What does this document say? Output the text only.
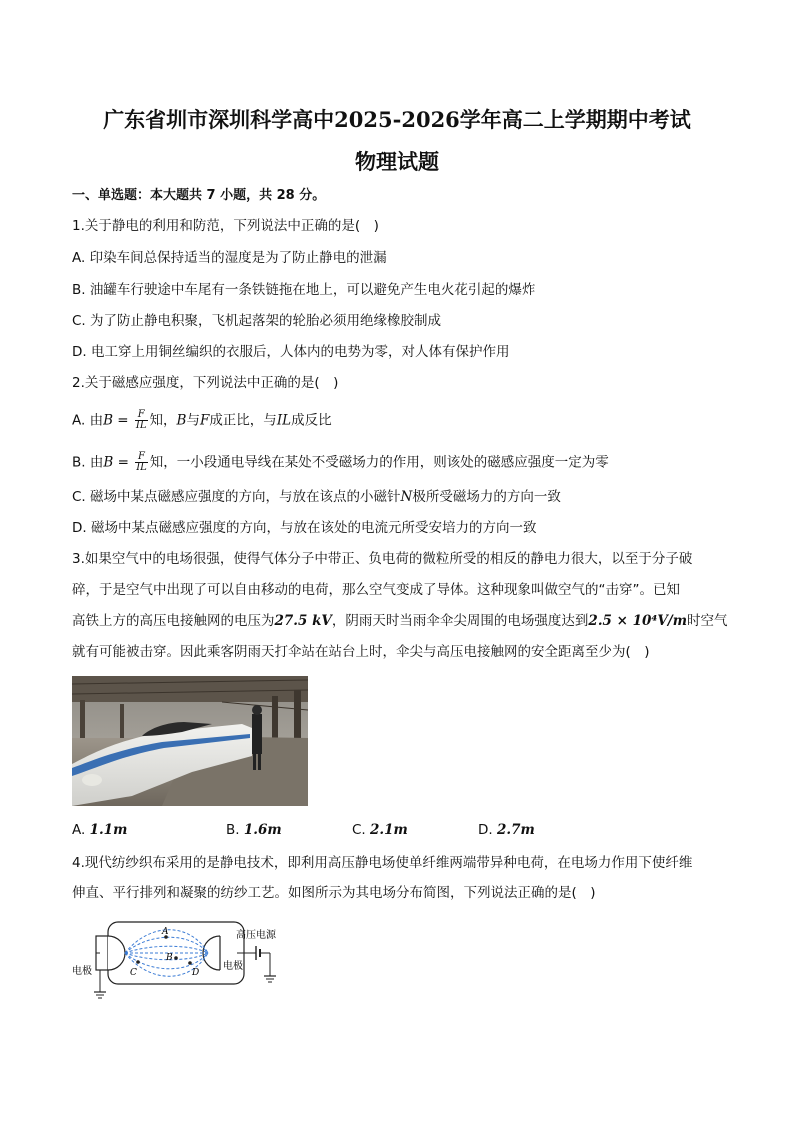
广东省圳市深圳科学高中2025-2026学年高二上学期期中考试
物理试题
一、单选题：本大题共 7 小题，共 28 分。
1.关于静电的利用和防范，下列说法中正确的是(　)
A. 印染车间总保持适当的湿度是为了防止静电的泄漏
B. 油罐车行驶途中车尾有一条铁链拖在地上，可以避免产生电火花引起的爆炸
C. 为了防止静电积聚，飞机起落架的轮胎必须用绝缘橡胶制成
D. 电工穿上用铜丝编织的衣服后，人体内的电势为零，对人体有保护作用
2.关于磁感应强度，下列说法中正确的是(　)
A. 由$B = \frac{F}{IL}$ 知，B与F成正比，与IL成反比
B. 由$B = \frac{F}{IL}$ 知，一小段通电导线在某处不受磁场力的作用，则该处的磁感应强度一定为零
C. 磁场中某点磁感应强度的方向，与放在该点的小磁针N极所受磁场力的方向一致
D. 磁场中某点磁感应强度的方向，与放在该处的电流元所受安培力的方向一致
3.如果空气中的电场很强，使得气体分子中带正、负电荷的微粒所受的相反的静电力很大，以至于分子破
碎，于是空气中出现了可以自由移动的电荷，那么空气变成了导体。这种现象叫做空气的“击穿”。已知
高铁上方的高压电接触网的电压为27.5 kV，阴雨天时当雨伞伞尖周围的电场强度达到2.5 × 10⁴V/m时空气
就有可能被击穿。因此乘客阴雨天打伞站在站台上时，伞尖与高压电接触网的安全距离至少为(　)
A. 1.1m	B. 1.6m	C. 2.1m	D. 2.7m
4.现代纺纱织布采用的是静电技术，即利用高压静电场使单纤维两端带异种电荷，在电场力作用下使纤维
伸直、平行排列和凝聚的纺纱工艺。如图所示为其电场分布简图，下列说法正确的是(　)
A
B
C	D
高压电源
电极	电极
